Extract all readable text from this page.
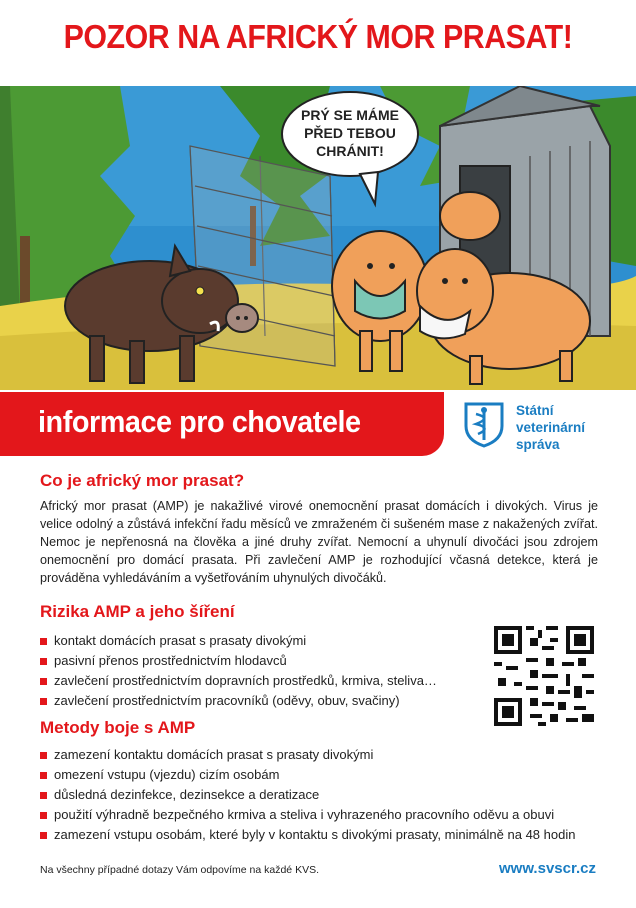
POZOR NA AFRICKÝ MOR PRASAT!
PRÝ SE MÁME
PŘED TEBOU
CHRÁNIT!
informace pro chovatele	Státní
veterinární
správa
Co je africký mor prasat?

Africký mor prasat (AMP) je nakažlivé virové onemocnění prasat domácích i divokých. Virus je velice odolný a zůstává infekční řadu měsíců ve zmraženém či sušeném mase z nakažených zvířat. Nemoc je nepřenosná na člověka a jiné druhy zvířat. Nemocní a uhynulí divočáci jsou zdrojem onemocnění pro domácí prasata. Při zavlečení AMP je rozhodující včasná detekce, která je prováděna vyhledáváním a vyšetřováním uhynulých divočáků.

Rizika AMP a jeho šíření
kontakt domácích prasat s prasaty divokými
pasivní přenos prostřednictvím hlodavců
zavlečení prostřednictvím dopravních prostředků, krmiva, steliva…
zavlečení prostřednictvím pracovníků (oděvy, obuv, svačiny)
Metody boje s AMP
zamezení kontaktu domácích prasat s prasaty divokými
omezení vstupu (vjezdu) cizím osobám
důsledná dezinfekce, dezinsekce a deratizace
použití výhradně bezpečného krmiva a steliva i vyhrazeného pracovního oděvu a obuvi
zamezení vstupu osobám, které byly v kontaktu s divokými prasaty, minimálně na 48 hodin
Na všechny případné dotazy Vám odpovíme na každé KVS.	www.svscr.cz
